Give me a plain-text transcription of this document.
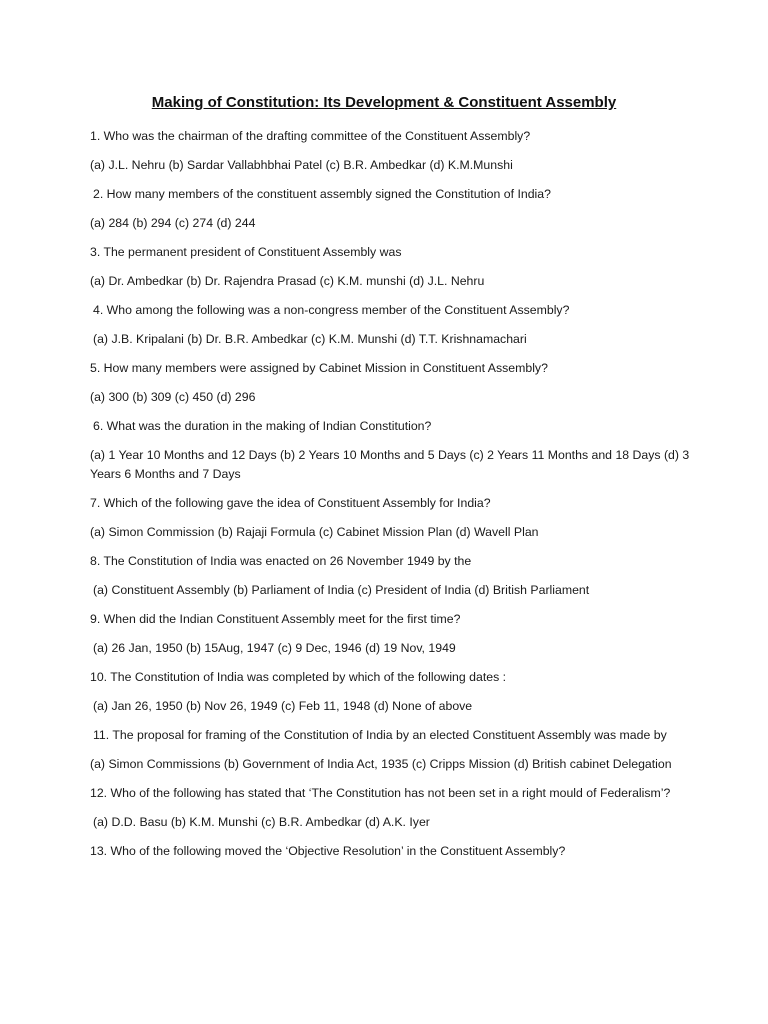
Making of Constitution: Its Development & Constituent Assembly
1. Who was the chairman of the drafting committee of the Constituent Assembly?
(a) J.L. Nehru (b) Sardar Vallabhbhai Patel (c) B.R. Ambedkar (d) K.M.Munshi
2. How many members of the constituent assembly signed the Constitution of India?
(a) 284 (b) 294 (c) 274 (d) 244
3. The permanent president of Constituent Assembly was
(a) Dr. Ambedkar (b) Dr. Rajendra Prasad (c) K.M. munshi (d) J.L. Nehru
4. Who among the following was a non-congress member of the Constituent Assembly?
(a) J.B. Kripalani (b) Dr. B.R. Ambedkar (c) K.M. Munshi (d) T.T. Krishnamachari
5. How many members were assigned by Cabinet Mission in Constituent Assembly?
(a) 300 (b) 309 (c) 450 (d) 296
6. What was the duration in the making of Indian Constitution?
(a) 1 Year 10 Months and 12 Days (b) 2 Years 10 Months and 5 Days (c) 2 Years 11 Months and 18 Days (d) 3 Years 6 Months and 7 Days
7. Which of the following gave the idea of Constituent Assembly for India?
(a) Simon Commission (b) Rajaji Formula (c) Cabinet Mission Plan (d) Wavell Plan
8. The Constitution of India was enacted on 26 November 1949 by the
(a) Constituent Assembly (b) Parliament of India (c) President of India (d) British Parliament
9. When did the Indian Constituent Assembly meet for the first time?
(a) 26 Jan, 1950 (b) 15Aug, 1947 (c) 9 Dec, 1946 (d) 19 Nov, 1949
10. The Constitution of India was completed by which of the following dates :
(a) Jan 26, 1950 (b) Nov 26, 1949 (c) Feb 11, 1948 (d) None of above
11. The proposal for framing of the Constitution of India by an elected Constituent Assembly was made by
(a) Simon Commissions (b) Government of India Act, 1935 (c) Cripps Mission (d) British cabinet Delegation
12. Who of the following has stated that ‘The Constitution has not been set in a right mould of Federalism’?
(a) D.D. Basu (b) K.M. Munshi (c) B.R. Ambedkar (d) A.K. Iyer
13. Who of the following moved the ‘Objective Resolution’ in the Constituent Assembly?
